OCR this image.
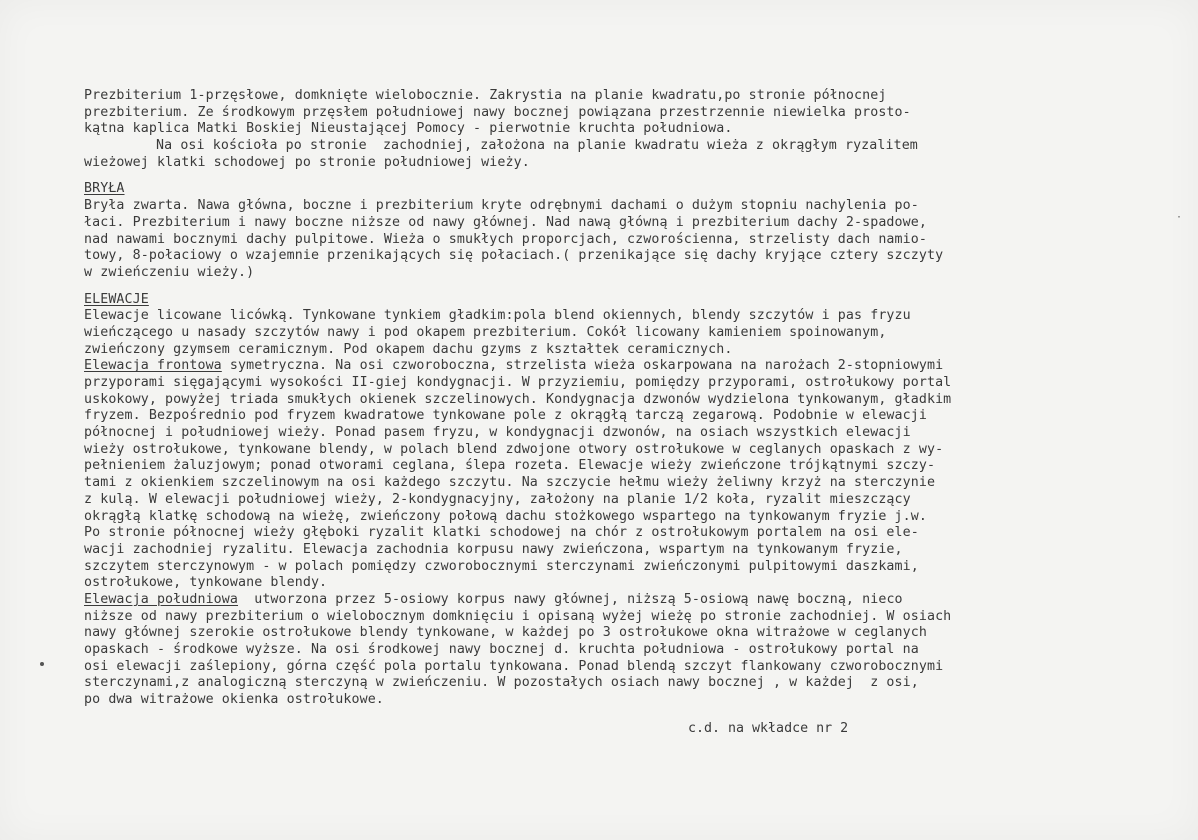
Prezbiterium 1-przęsłowe, domknięte wielobocznie. Zakrystia na planie kwadratu,po stronie północnej
prezbiterium. Ze środkowym przęsłem południowej nawy bocznej powiązana przestrzennie niewielka prosto-
kątna kaplica Matki Boskiej Nieustającej Pomocy - pierwotnie kruchta południowa.
Na osi kościoła po stronie  zachodniej, założona na planie kwadratu wieża z okrągłym ryzalitem
wieżowej klatki schodowej po stronie południowej wieży.
BRYŁA
Bryła zwarta. Nawa główna, boczne i prezbiterium kryte odrębnymi dachami o dużym stopniu nachylenia po-
łaci. Prezbiterium i nawy boczne niższe od nawy głównej. Nad nawą główną i prezbiterium dachy 2-spadowe,
nad nawami bocznymi dachy pulpitowe. Wieża o smukłych proporcjach, czworościenna, strzelisty dach namio-
towy, 8-połaciowy o wzajemnie przenikających się połaciach.( przenikające się dachy kryjące cztery szczyty
w zwieńczeniu wieży.)
ELEWACJE
Elewacje licowane licówką. Tynkowane tynkiem gładkim:pola blend okiennych, blendy szczytów i pas fryzu
wieńczącego u nasady szczytów nawy i pod okapem prezbiterium. Cokół licowany kamieniem spoinowanym,
zwieńczony gzymsem ceramicznym. Pod okapem dachu gzyms z kształtek ceramicznych.
Elewacja frontowa symetryczna. Na osi czworoboczna, strzelista wieża oskarpowana na narożach 2-stopniowymi
przyporami sięgającymi wysokości II-giej kondygnacji. W przyziemiu, pomiędzy przyporami, ostrołukowy portal
uskokowy, powyżej triada smukłych okienek szczelinowych. Kondygnacja dzwonów wydzielona tynkowanym, gładkim
fryzem. Bezpośrednio pod fryzem kwadratowe tynkowane pole z okrągłą tarczą zegarową. Podobnie w elewacji
północnej i południowej wieży. Ponad pasem fryzu, w kondygnacji dzwonów, na osiach wszystkich elewacji
wieży ostrołukowe, tynkowane blendy, w polach blend zdwojone otwory ostrołukowe w ceglanych opaskach z wy-
pełnieniem żaluzjowym; ponad otworami ceglana, ślepa rozeta. Elewacje wieży zwieńczone trójkątnymi szczy-
tami z okienkiem szczelinowym na osi każdego szczytu. Na szczycie hełmu wieży żeliwny krzyż na sterczynie
z kulą. W elewacji południowej wieży, 2-kondygnacyjny, założony na planie 1/2 koła, ryzalit mieszczący
okrągłą klatkę schodową na wieżę, zwieńczony połową dachu stożkowego wspartego na tynkowanym fryzie j.w.
Po stronie północnej wieży głęboki ryzalit klatki schodowej na chór z ostrołukowym portalem na osi ele-
wacji zachodniej ryzalitu. Elewacja zachodnia korpusu nawy zwieńczona, wspartym na tynkowanym fryzie,
szczytem sterczynowym - w polach pomiędzy czworobocznymi sterczynami zwieńczonymi pulpitowymi daszkami,
ostrołukowe, tynkowane blendy.
Elewacja południowa  utworzona przez 5-osiowy korpus nawy głównej, niższą 5-osiową nawę boczną, nieco
niższe od nawy prezbiterium o wielobocznym domknięciu i opisaną wyżej wieżę po stronie zachodniej. W osiach
nawy głównej szerokie ostrołukowe blendy tynkowane, w każdej po 3 ostrołukowe okna witrażowe w ceglanych
opaskach - środkowe wyższe. Na osi środkowej nawy bocznej d. kruchta południowa - ostrołukowy portal na
osi elewacji zaślepiony, górna część pola portalu tynkowana. Ponad blendą szczyt flankowany czworobocznymi
sterczynami,z analogiczną sterczyną w zwieńczeniu. W pozostałych osiach nawy bocznej , w każdej  z osi,
po dwa witrażowe okienka ostrołukowe.
c.d. na wkładce nr 2
·
